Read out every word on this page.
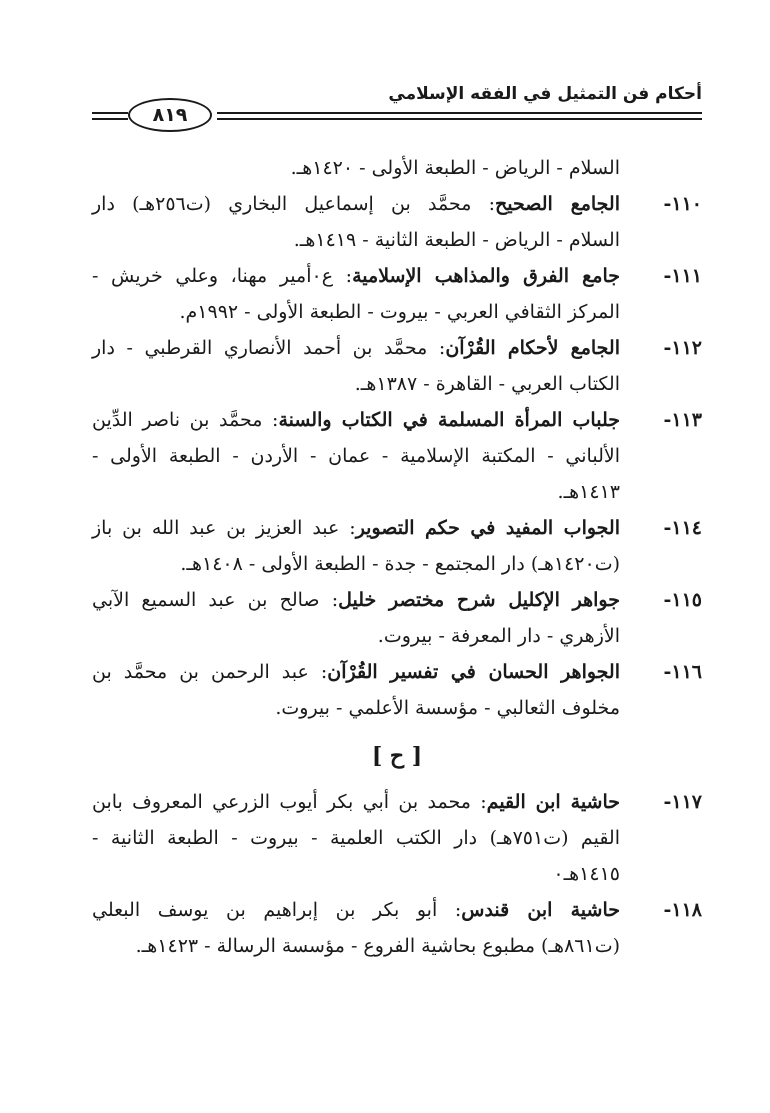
أحكام فن التمثيل في الفقه الإسلامي
٨١٩
السلام - الرياض - الطبعة الأولى - ١٤٢٠هـ.
١١٠-
الجامع الصحيح: محمَّد بن إسماعيل البخاري (ت٢٥٦هـ) دار
السلام - الرياض - الطبعة الثانية - ١٤١٩هـ.
١١١-
جامع الفرق والمذاهب الإسلامية: ع٠أمير مهنا، وعلي خريش -
المركز الثقافي العربي - بيروت - الطبعة الأولى - ١٩٩٢م.
١١٢-
الجامع لأحكام القُرْآن: محمَّد بن أحمد الأنصاري القرطبي - دار
الكتاب العربي - القاهرة - ١٣٨٧هـ.
١١٣-
جلباب المرأة المسلمة في الكتاب والسنة: محمَّد بن ناصر الدِّين
الألباني - المكتبة الإسلامية - عمان - الأردن - الطبعة الأولى -
١٤١٣هـ.
١١٤-
الجواب المفيد في حكم التصوير: عبد العزيز بن عبد الله بن باز
(ت١٤٢٠هـ) دار المجتمع - جدة - الطبعة الأولى - ١٤٠٨هـ.
١١٥-
جواهر الإكليل شرح مختصر خليل: صالح بن عبد السميع الآبي
الأزهري - دار المعرفة - بيروت.
١١٦-
الجواهر الحسان في تفسير القُرْآن: عبد الرحمن بن محمَّد بن
مخلوف الثعالبي - مؤسسة الأعلمي - بيروت.
[ ح ]
١١٧-
حاشية ابن القيم: محمد بن أبي بكر أيوب الزرعي المعروف بابن
القيم (ت٧٥١هـ) دار الكتب العلمية - بيروت - الطبعة الثانية -
١٤١٥هـ٠
١١٨-
حاشية ابن قندس: أبو بكر بن إبراهيم بن يوسف البعلي
(ت٨٦١هـ) مطبوع بحاشية الفروع - مؤسسة الرسالة - ١٤٢٣هـ.
